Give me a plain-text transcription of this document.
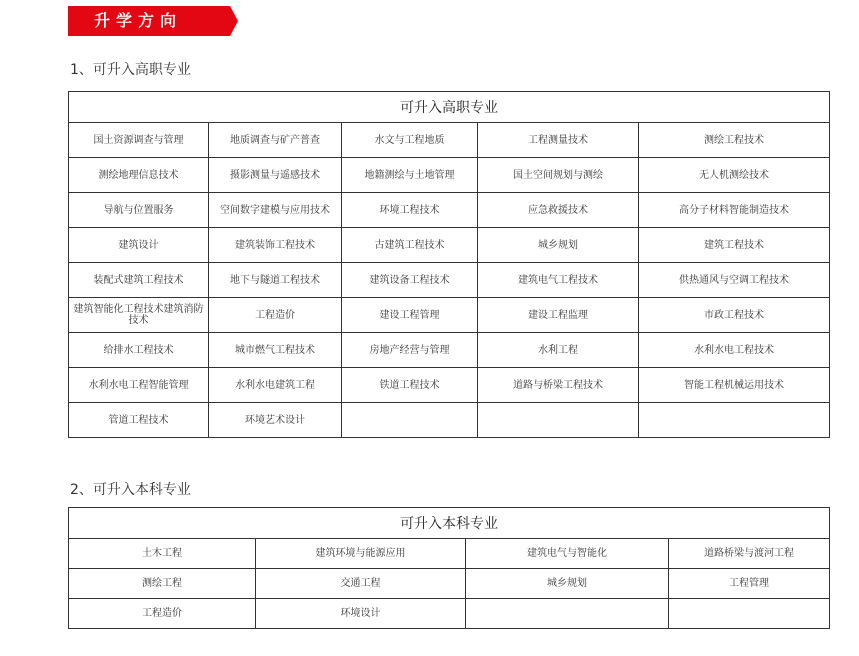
升学方向
1、可升入高职专业
可升入高职专业				
国土资源调查与管理	地质调查与矿产普查	水文与工程地质	工程测量技术	测绘工程技术
测绘地理信息技术	摄影测量与遥感技术	地籍测绘与土地管理	国土空间规划与测绘	无人机测绘技术
导航与位置服务	空间数字建模与应用技术	环境工程技术	应急救援技术	高分子材料智能制造技术
建筑设计	建筑装饰工程技术	古建筑工程技术	城乡规划	建筑工程技术
装配式建筑工程技术	地下与隧道工程技术	建筑设备工程技术	建筑电气工程技术	供热通风与空调工程技术
建筑智能化工程技术建筑消防技术	工程造价	建设工程管理	建设工程监理	市政工程技术
给排水工程技术	城市燃气工程技术	房地产经营与管理	水利工程	水利水电工程技术
水利水电工程智能管理	水利水电建筑工程	铁道工程技术	道路与桥梁工程技术	智能工程机械运用技术
管道工程技术	环境艺术设计			
2、可升入本科专业
可升入本科专业			
土木工程	建筑环境与能源应用	建筑电气与智能化	道路桥梁与渡河工程
测绘工程	交通工程	城乡规划	工程管理
工程造价	环境设计		
